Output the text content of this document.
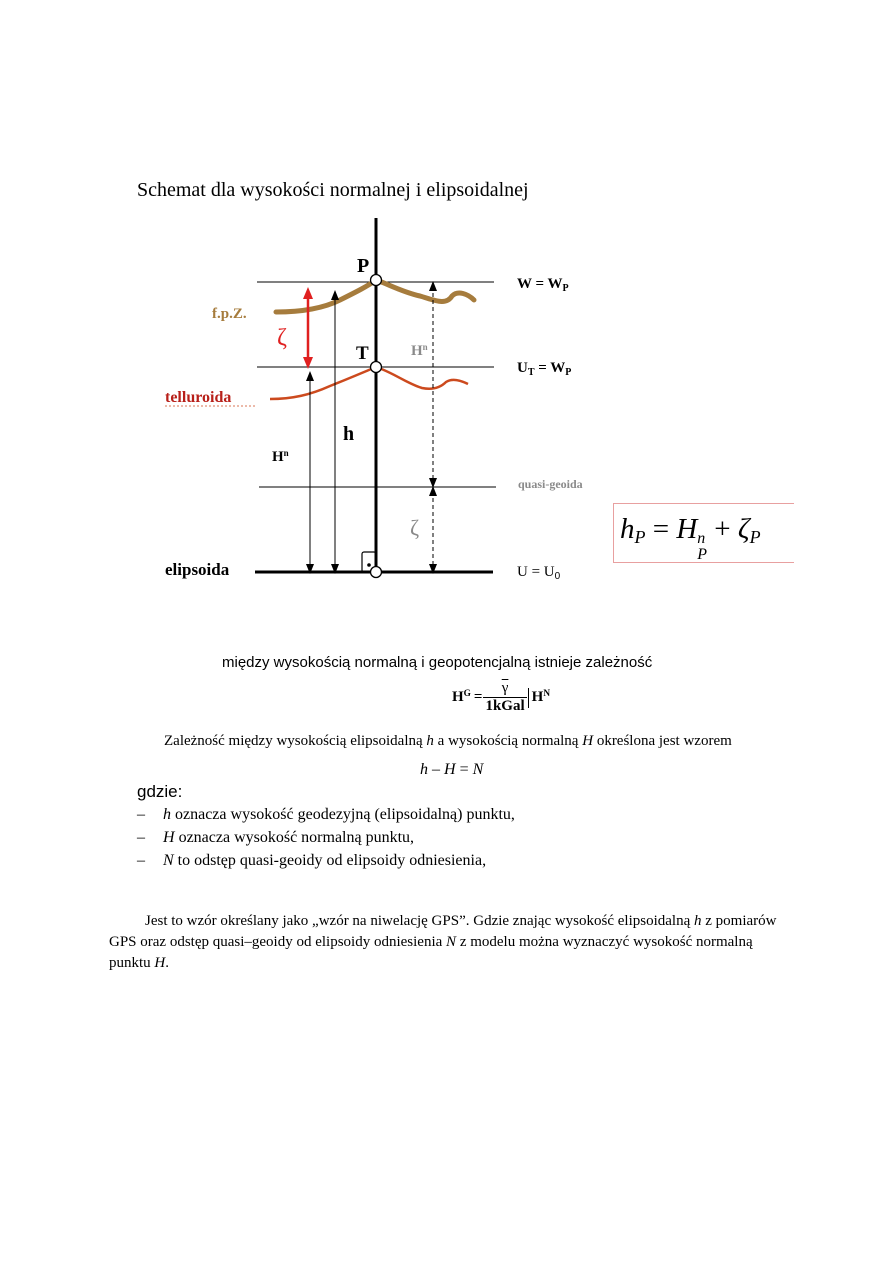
Schemat dla wysokości normalnej i elipsoidalnej
P
T
f.p.Z.
telluroida
elipsoida
quasi-geoida
h
$H^n$
$H^n$
ζ
ζ
$W = W_P$
$U_T = W_P$
$U = U_0$
$h_P = H$ n
P
+ $\zeta_P$
między wysokością normalną i geopotencjalną istnieje zależność
$H^G$ =
$\overline{\gamma}$
1kGal
$H^N$
Zależność między wysokością elipsoidalną h a wysokością normalną H określona jest wzorem
h – H = N
gdzie:
– h oznacza wysokość geodezyjną (elipsoidalną) punktu,
– H oznacza wysokość normalną punktu,
– N to odstęp quasi-geoidy od elipsoidy odniesienia,
Jest to wzór określany jako „wzór na niwelację GPS”. Gdzie znając wysokość elipsoidalną h z pomiarów GPS oraz odstęp quasi–geoidy od elipsoidy odniesienia N z modelu można wyznaczyć wysokość normalną punktu H.
